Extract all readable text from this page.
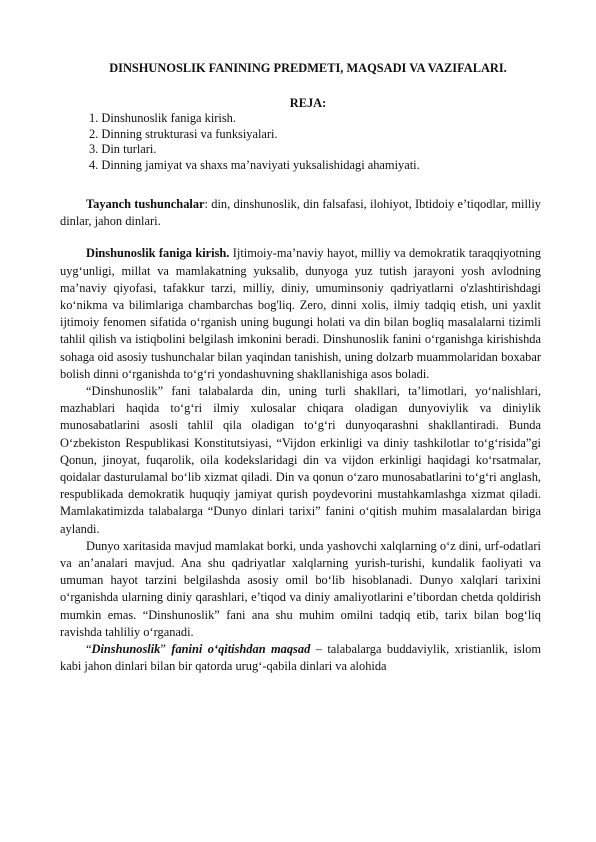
DINSHUNOSLIK FANINING PREDMETI, MAQSADI VA VAZIFALARI.
REJA:
1. Dinshunoslik faniga kirish.
2. Dinning strukturasi va funksiyalari.
3. Din turlari.
4. Dinning jamiyat va shaxs ma’naviyati yuksalishidagi ahamiyati.

Tayanch tushunchalar: din, dinshunoslik, din falsafasi, ilohiyot, Ibtidoiy e’tiqodlar, milliy dinlar, jahon dinlari.

Dinshunoslik faniga kirish. Ijtimoiy-ma’naviy hayot, milliy va demokratik taraqqiyotning uyg‘unligi, millat va mamlakatning yuksalib, dunyoga yuz tutish jarayoni yosh avlodning ma’naviy qiyofasi, tafakkur tarzi, milliy, diniy, umuminsoniy qadriyatlarni o'zlashtirishdagi ko‘nikma va bilimlariga chambarchas bog'liq. Zero, dinni xolis, ilmiy tadqiq etish, uni yaxlit ijtimoiy fenomen sifatida o‘rganish uning bugungi holati va din bilan bogliq masalalarni tizimli tahlil qilish va istiqbolini belgilash imkonini beradi. Dinshunoslik fanini o‘rganishga kirishishda sohaga oid asosiy tushunchalar bilan yaqindan tanishish, uning dolzarb muammolaridan boxabar bolish dinni o‘rganishda to‘g‘ri yondashuvning shakllanishiga asos boladi.

“Dinshunoslik” fani talabalarda din, uning turli shakllari, ta’limotlari, yo‘nalishlari, mazhablari haqida to‘g‘ri ilmiy xulosalar chiqara oladigan dunyoviylik va diniylik munosabatlarini asosli tahlil qila oladigan to‘g‘ri dunyoqarashni shakllantiradi. Bunda O‘zbekiston Respublikasi Konstitutsiyasi, “Vijdon erkinligi va diniy tashkilotlar to‘g‘risida”gi Qonun, jinoyat, fuqarolik, oila kodekslaridagi din va vijdon erkinligi haqidagi ko‘rsatmalar, qoidalar dasturulamal bo‘lib xizmat qiladi. Din va qonun o‘zaro munosabatlarini to‘g‘ri anglash, respublikada demokratik huquqiy jamiyat qurish poydevorini mustahkamlashga xizmat qiladi. Mamlakatimizda talabalarga “Dunyo dinlari tarixi” fanini o‘qitish muhim masalalardan biriga aylandi.

Dunyo xaritasida mavjud mamlakat borki, unda yashovchi xalqlarning o‘z dini, urf-odatlari va an’analari mavjud. Ana shu qadriyatlar xalqlarning yurish-turishi, kundalik faoliyati va umuman hayot tarzini belgilashda asosiy omil bo‘lib hisoblanadi. Dunyo xalqlari tarixini o‘rganishda ularning diniy qarashlari, e’tiqod va diniy amaliyotlarini e’tibordan chetda qoldirish mumkin emas. “Dinshunoslik” fani ana shu muhim omilni tadqiq etib, tarix bilan bog‘liq ravishda tahliliy o‘rganadi.

“Dinshunoslik” fanini o‘qitishdan maqsad – talabalarga buddaviylik, xristianlik, islom kabi jahon dinlari bilan bir qatorda urug‘-qabila dinlari va alohida
